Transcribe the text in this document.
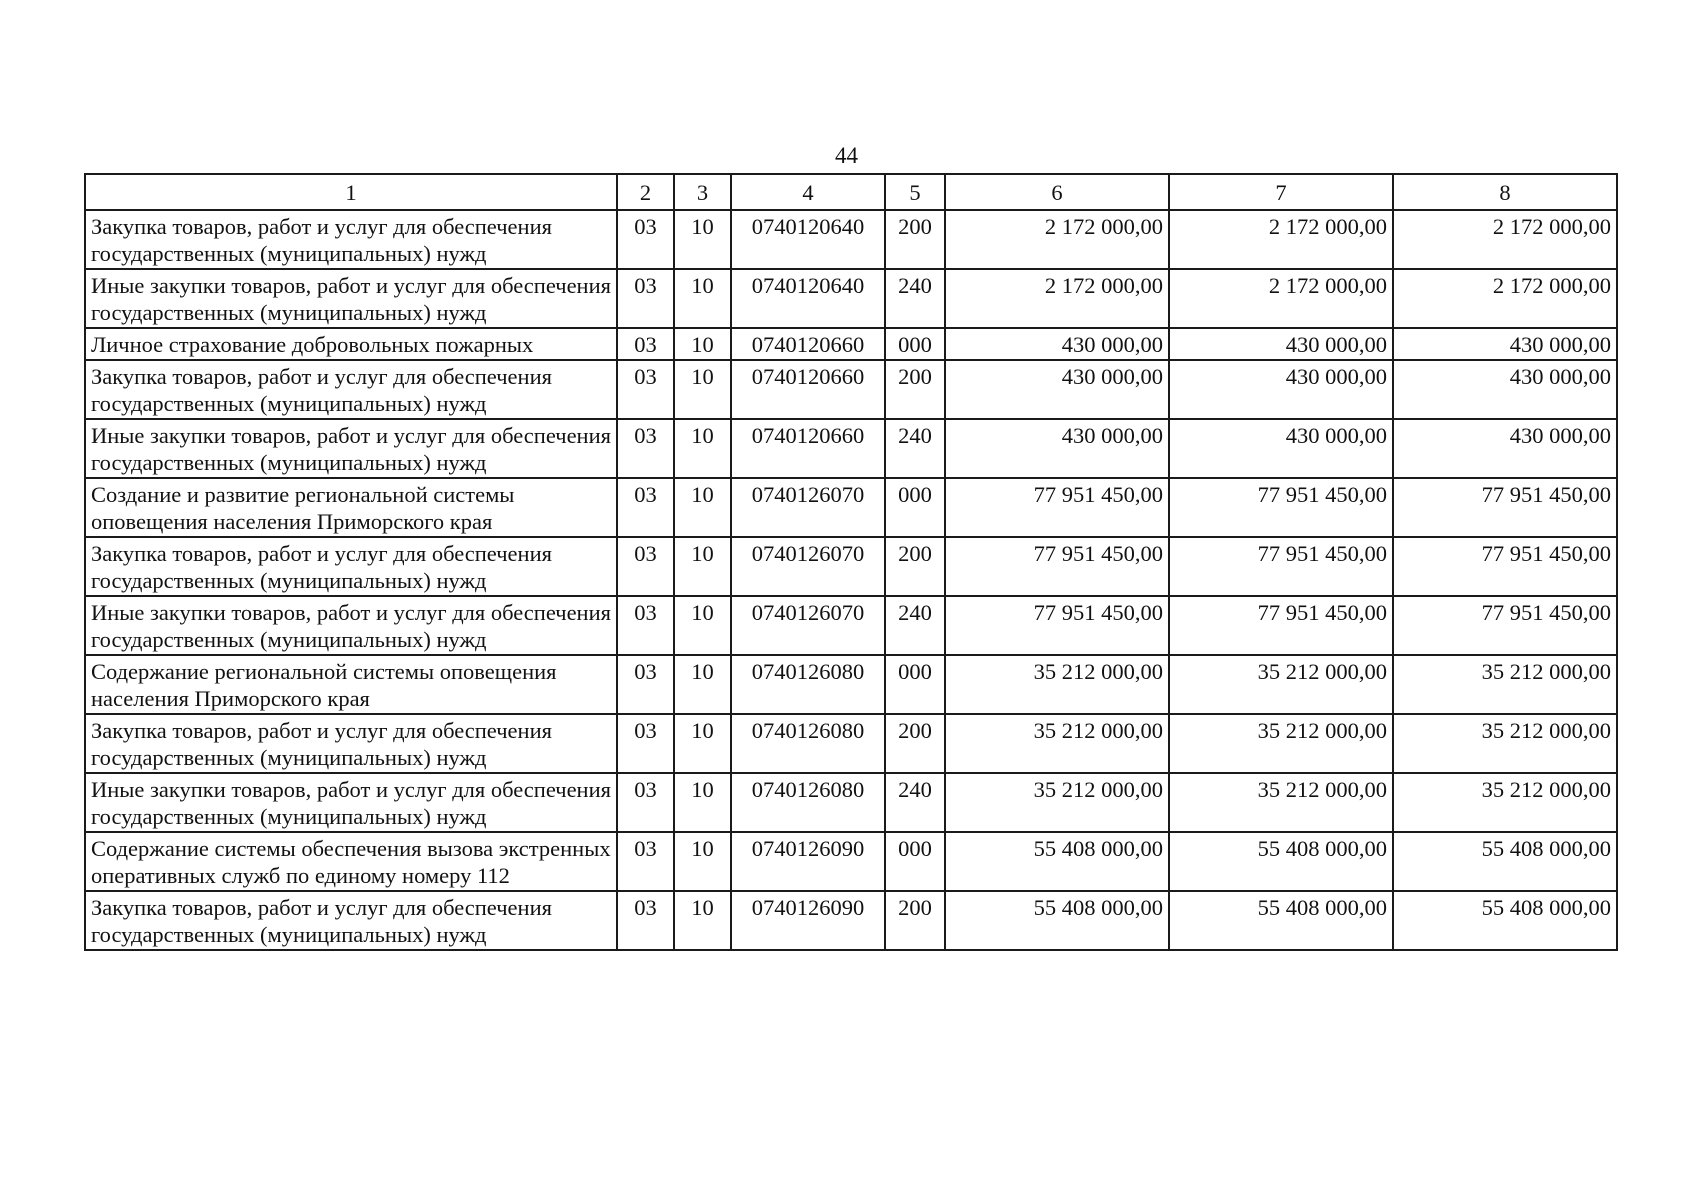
44
1	2	3	4	5	6	7	8
Закупка товаров, работ и услуг для обеспечения государственных (муниципальных) нужд	03	10	0740120640	200	2 172 000,00	2 172 000,00	2 172 000,00
Иные закупки товаров, работ и услуг для обеспечения государственных (муниципальных) нужд	03	10	0740120640	240	2 172 000,00	2 172 000,00	2 172 000,00
Личное страхование добровольных пожарных	03	10	0740120660	000	430 000,00	430 000,00	430 000,00
Закупка товаров, работ и услуг для обеспечения государственных (муниципальных) нужд	03	10	0740120660	200	430 000,00	430 000,00	430 000,00
Иные закупки товаров, работ и услуг для обеспечения государственных (муниципальных) нужд	03	10	0740120660	240	430 000,00	430 000,00	430 000,00
Создание и развитие региональной системы оповещения населения Приморского края	03	10	0740126070	000	77 951 450,00	77 951 450,00	77 951 450,00
Закупка товаров, работ и услуг для обеспечения государственных (муниципальных) нужд	03	10	0740126070	200	77 951 450,00	77 951 450,00	77 951 450,00
Иные закупки товаров, работ и услуг для обеспечения государственных (муниципальных) нужд	03	10	0740126070	240	77 951 450,00	77 951 450,00	77 951 450,00
Содержание региональной системы оповещения населения Приморского края	03	10	0740126080	000	35 212 000,00	35 212 000,00	35 212 000,00
Закупка товаров, работ и услуг для обеспечения государственных (муниципальных) нужд	03	10	0740126080	200	35 212 000,00	35 212 000,00	35 212 000,00
Иные закупки товаров, работ и услуг для обеспечения государственных (муниципальных) нужд	03	10	0740126080	240	35 212 000,00	35 212 000,00	35 212 000,00
Содержание системы обеспечения вызова экстренных оперативных служб по единому номеру 112	03	10	0740126090	000	55 408 000,00	55 408 000,00	55 408 000,00
Закупка товаров, работ и услуг для обеспечения государственных (муниципальных) нужд	03	10	0740126090	200	55 408 000,00	55 408 000,00	55 408 000,00
